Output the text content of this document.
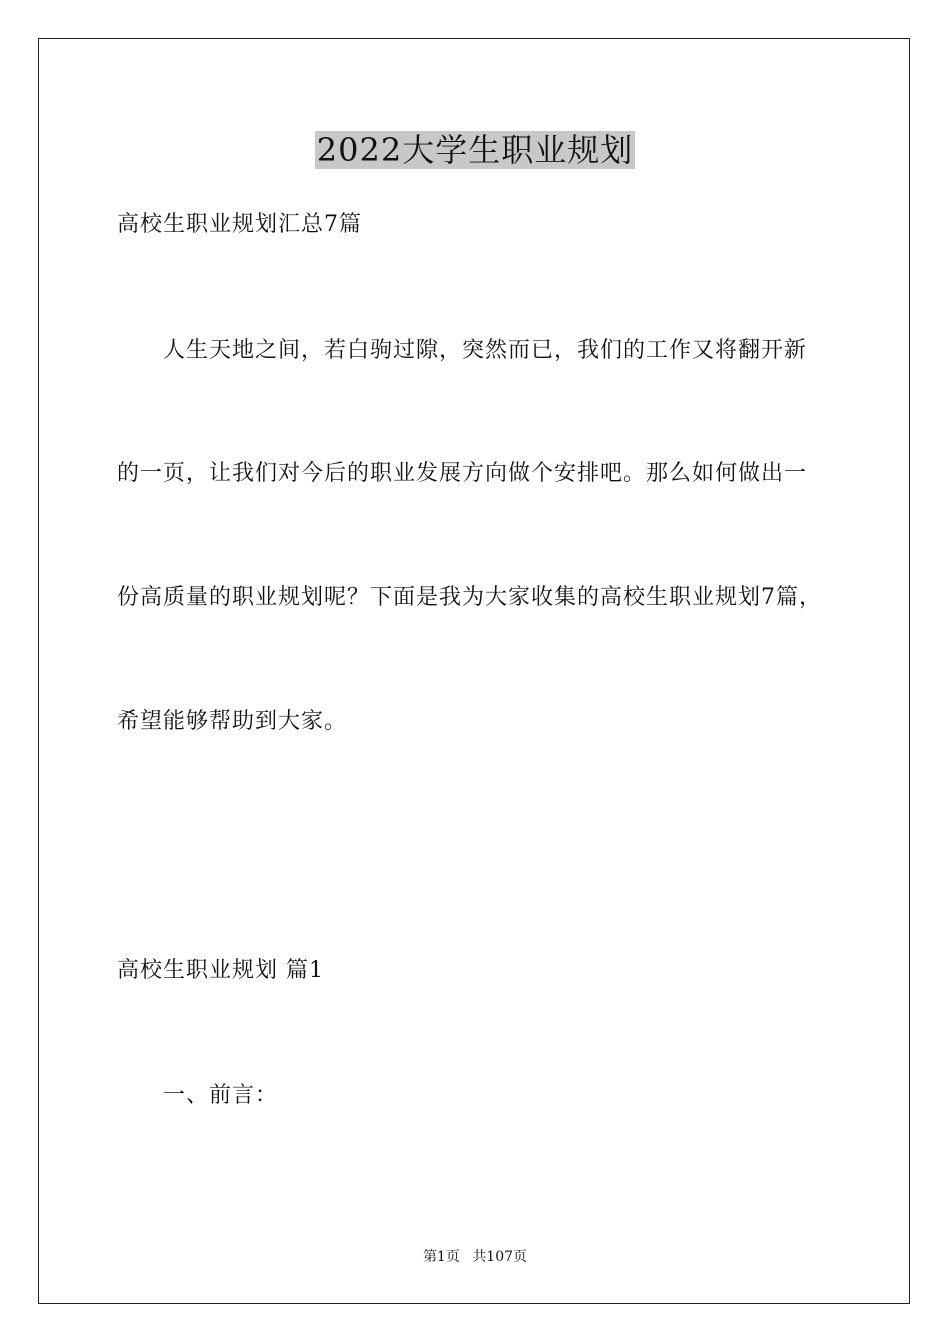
2022大学生职业规划
高校生职业规划汇总7篇
人生天地之间，若白驹过隙，突然而已，我们的工作又将翻开新
的一页，让我们对今后的职业发展方向做个安排吧。那么如何做出一
份高质量的职业规划呢？下面是我为大家收集的高校生职业规划7篇，
希望能够帮助到大家。
高校生职业规划 篇1
一、前言：
第1页 共107页
